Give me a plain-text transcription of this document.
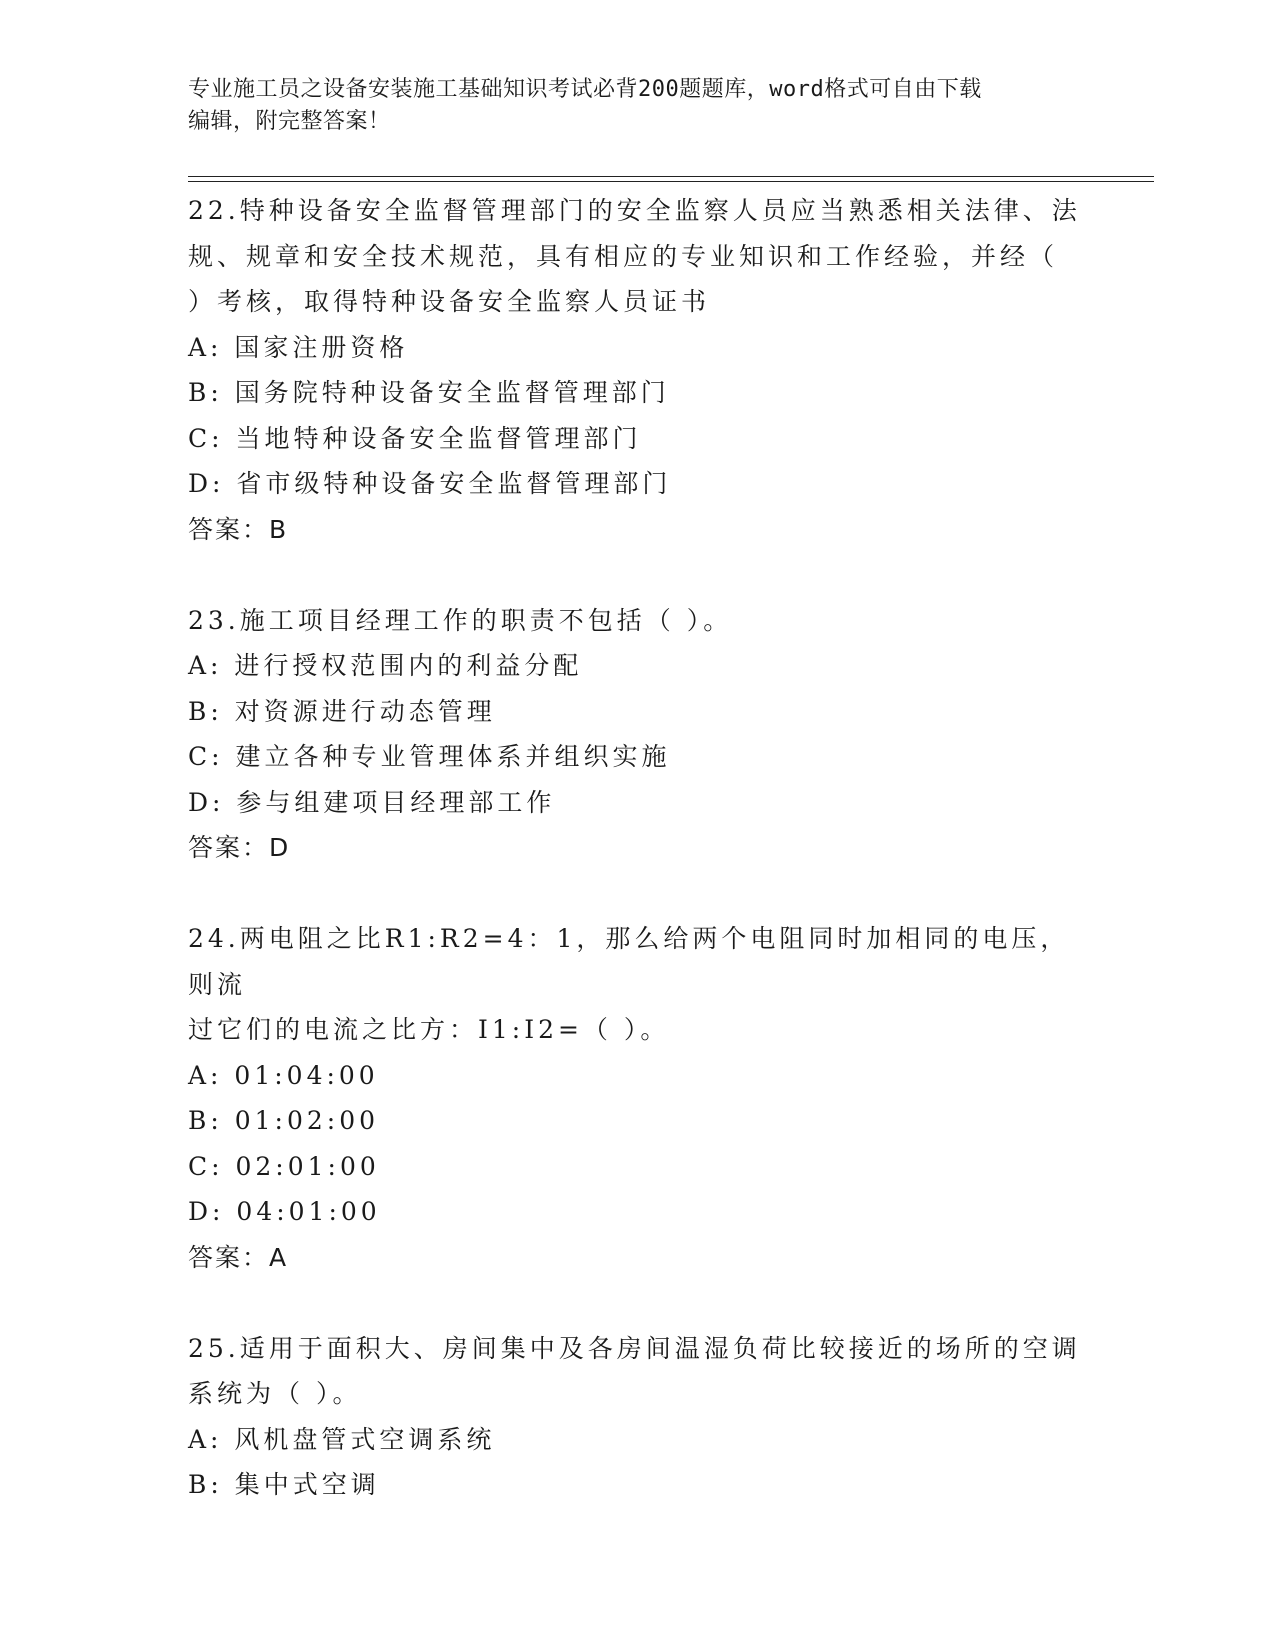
专业施工员之设备安装施工基础知识考试必背200题题库，word格式可自由下载
编辑，附完整答案！
22.特种设备安全监督管理部门的安全监察人员应当熟悉相关法律、法
规、规章和安全技术规范，具有相应的专业知识和工作经验，并经（
）考核，取得特种设备安全监察人员证书
A: 国家注册资格
B: 国务院特种设备安全监督管理部门
C: 当地特种设备安全监督管理部门
D: 省市级特种设备安全监督管理部门
答案：B
23.施工项目经理工作的职责不包括（ ）。
A: 进行授权范围内的利益分配
B: 对资源进行动态管理
C: 建立各种专业管理体系并组织实施
D: 参与组建项目经理部工作
答案：D
24.两电阻之比R1:R2=4：1，那么给两个电阻同时加相同的电压，则流
过它们的电流之比方：I1:I2=（ ）。
A: 01:04:00
B: 01:02:00
C: 02:01:00
D: 04:01:00
答案：A
25.适用于面积大、房间集中及各房间温湿负荷比较接近的场所的空调
系统为（ ）。
A: 风机盘管式空调系统
B: 集中式空调
